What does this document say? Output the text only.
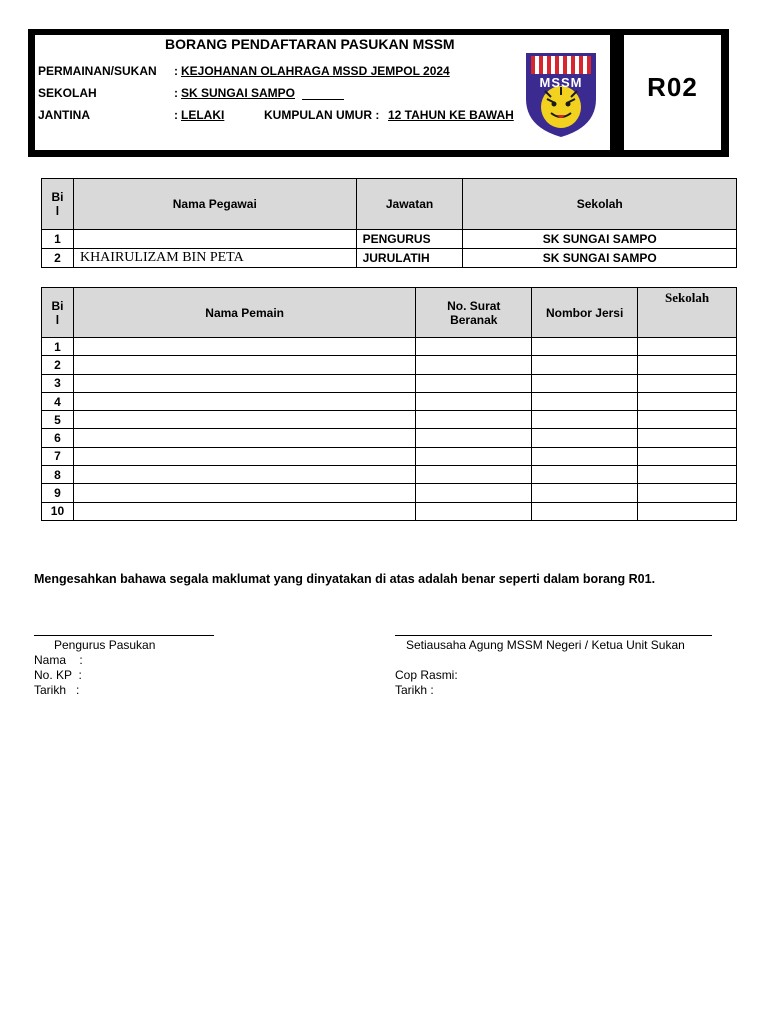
R02
BORANG PENDAFTARAN PASUKAN MSSM
PERMAINAN/SUKAN : KEJOHANAN OLAHRAGA MSSD JEMPOL 2024
SEKOLAH	: SK SUNGAI SAMPO
JANTINA	: LELAKI	KUMPULAN UMUR : 12 TAHUN KE BAWAH
MSSM
Bi
l	Nama Pegawai	Jawatan	Sekolah
1		PENGURUS	SK SUNGAI SAMPO
2	KHAIRULIZAM BIN PETA	JURULATIH	SK SUNGAI SAMPO
Bi
l	Nama Pemain	No. Surat Beranak	Nombor Jersi	Sekolah
1				
2				
3				
4				
5				
6				
7				
8				
9				
10				
Mengesahkan bahawa segala maklumat yang dinyatakan di atas adalah benar seperti dalam borang R01.
Pengurus Pasukan
Nama    :
No. KP  :
Tarikh   :
Setiausaha Agung MSSM Negeri / Ketua Unit Sukan
Cop Rasmi:
Tarikh :
